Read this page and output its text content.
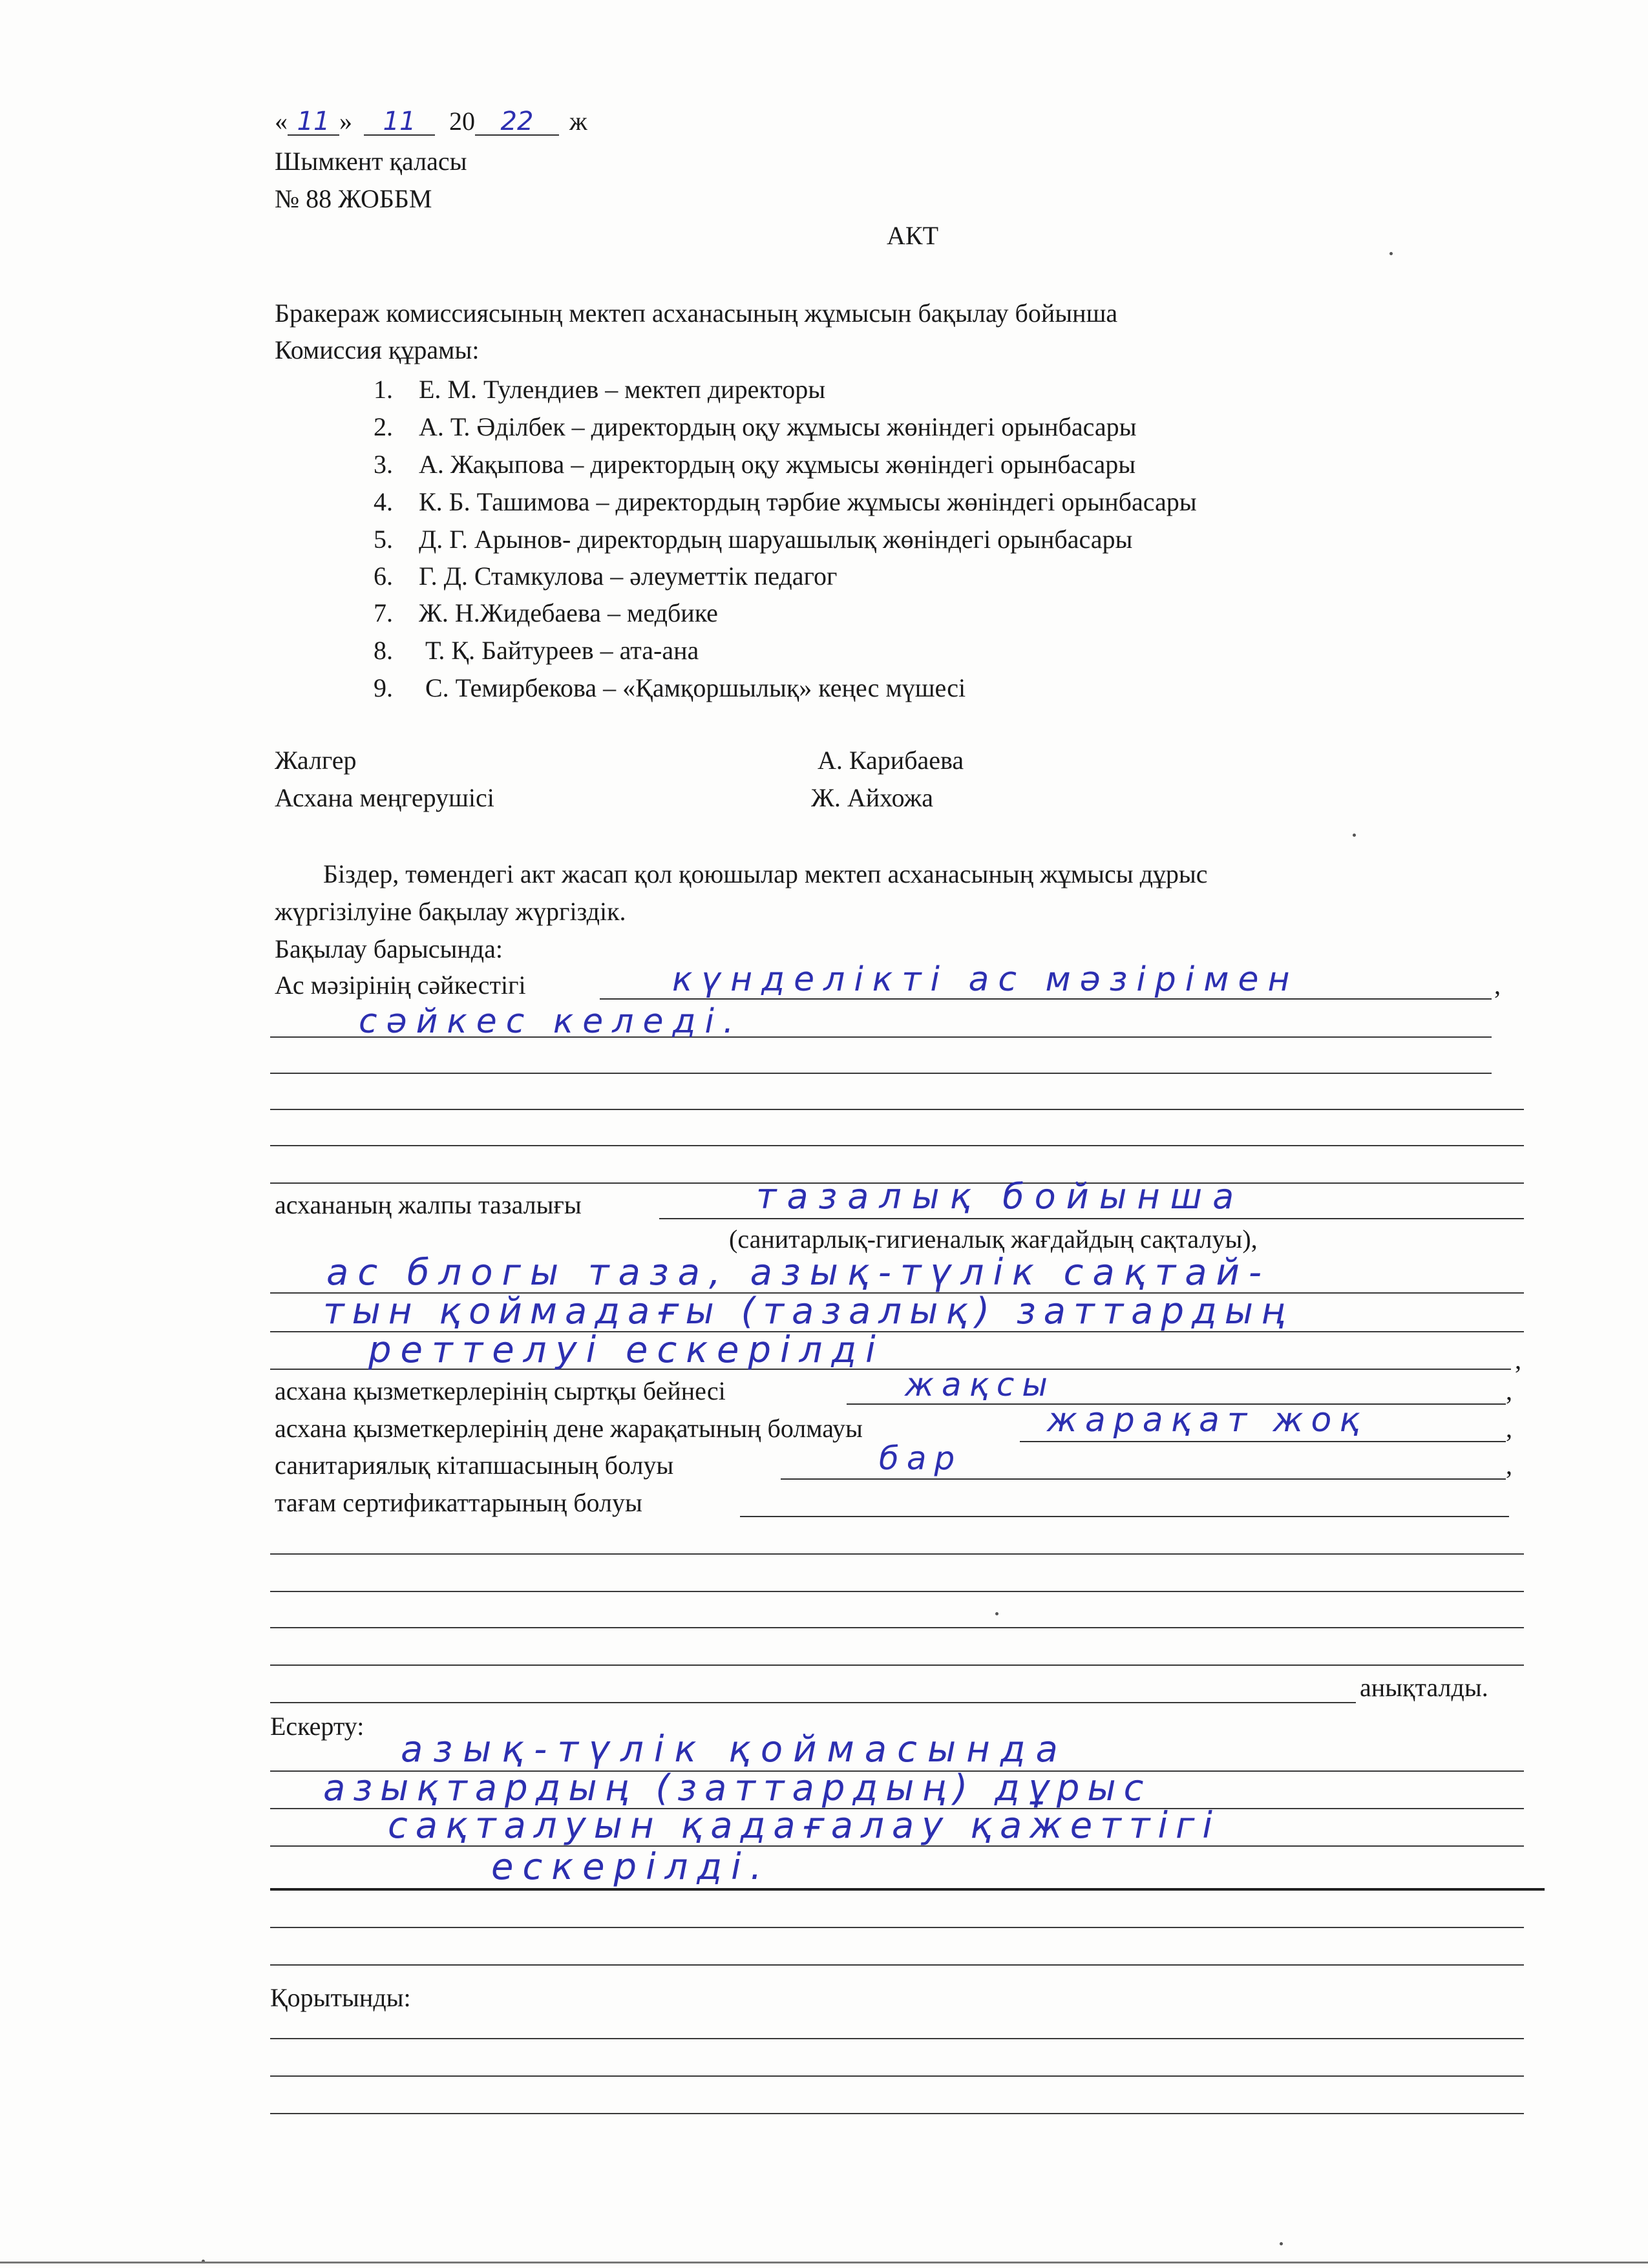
« 11 » 11 20 22 ж
Шымкент қаласы
№ 88 ЖОББМ
АКТ
Бракераж комиссиясының мектеп асханасының жұмысын бақылау бойынша
Комиссия құрамы:
1. Е. М. Тулендиев – мектеп директоры
2. А. Т. Әділбек – директордың оқу жұмысы жөніндегі орынбасары
3. А. Жақыпова – директордың оқу жұмысы жөніндегі орынбасары
4. К. Б. Ташимова – директордың тәрбие жұмысы жөніндегі орынбасары
5. Д. Г. Арынов- директордың шаруашылық жөніндегі орынбасары
6. Г. Д. Стамкулова – әлеуметтік педагог
7. Ж. Н.Жидебаева – медбике
8. Т. Қ. Байтуреев – ата-ана
9. С. Темирбекова – «Қамқоршылық» кеңес мүшесі
Жалгер	А. Карибаева
Асхана меңгерушісі	Ж. Айхожа
Біздер, төмендегі акт жасап қол қоюшылар мектеп асханасының жұмысы дұрыс
жүргізілуіне бақылау жүргіздік.
Бақылау барысында:
Ас мәзірінің сәйкестігі	күнделікті ас мәзірімен	,
сәйкес келеді.
асхананың жалпы тазалығы	тазалық бойынша
(санитарлық-гигиеналық жағдайдың сақталуы),
ас блогы таза, азық-түлік сақтай-
тын қоймадағы (тазалық) заттардың
реттелуі ескерілді	,
асхана қызметкерлерінің сыртқы бейнесі	жақсы	,
асхана қызметкерлерінің дене жарақатының болмауы	жарақат жоқ	,
санитариялық кітапшасының болуы	бар	,
тағам сертификаттарының болуы
анықталды.
Ескерту:
азық-түлік қоймасында
азықтардың (заттардың) дұрыс
сақталуын қадағалау қажеттігі
ескерілді.
Қорытынды:
